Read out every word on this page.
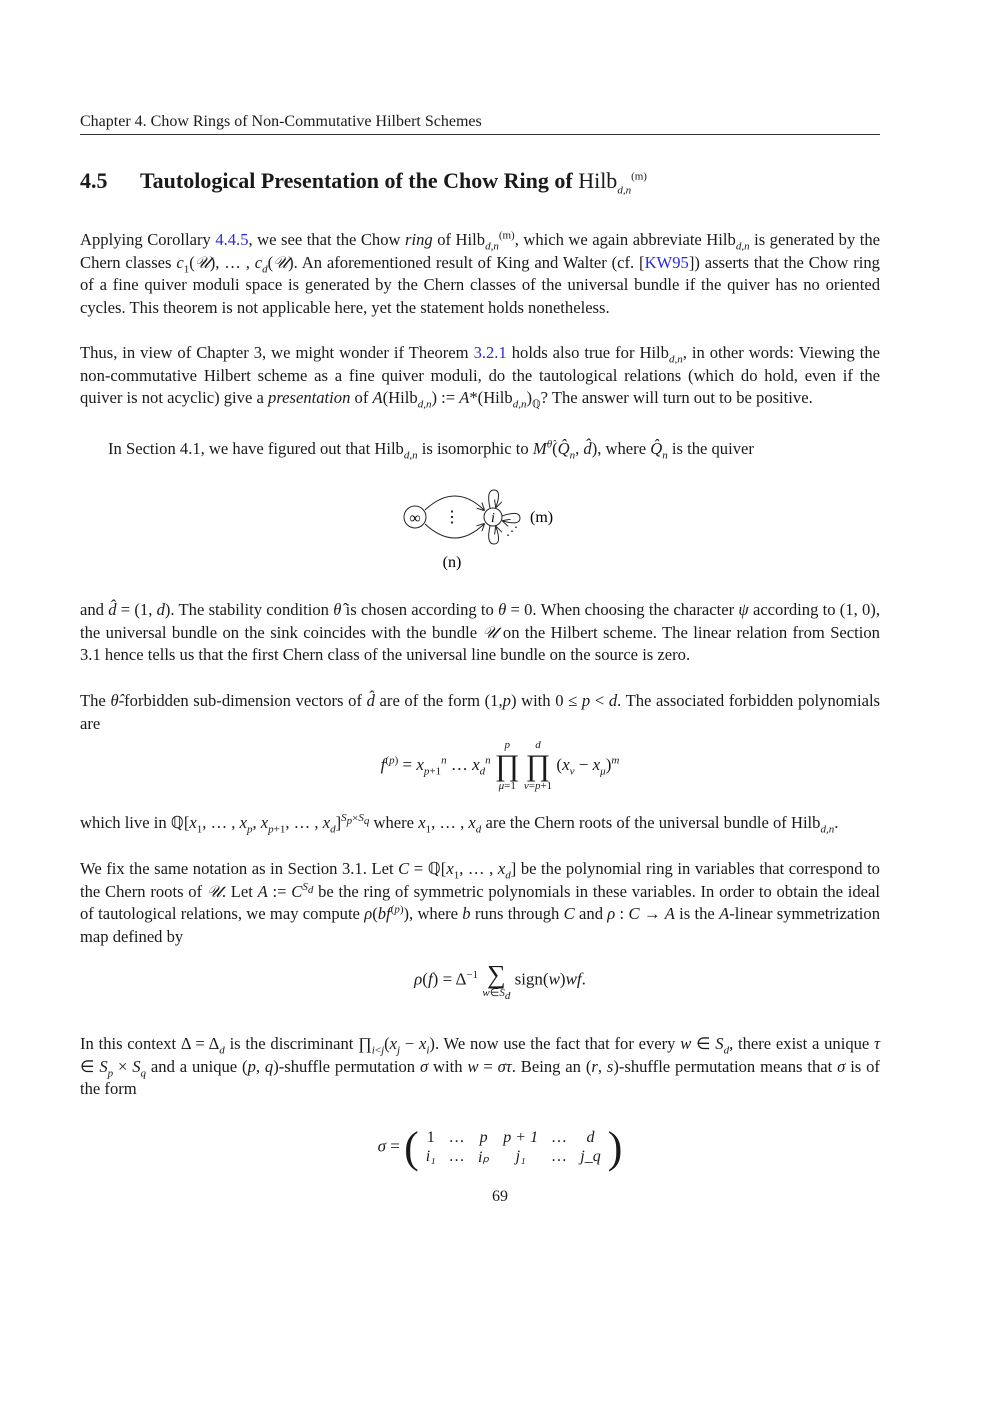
Chapter 4. Chow Rings of Non-Commutative Hilbert Schemes
4.5 Tautological Presentation of the Chow Ring of Hilb$_{d,n}^{(m)}$
Applying Corollary 4.4.5, we see that the Chow ring of Hilb$_{d,n}^{(m)}$, which we again abbreviate Hilb$_{d,n}$ is generated by the Chern classes $c_1(𝒰)$, … , $c_d(𝒰)$. An aforementioned result of King and Walter (cf. [KW95]) asserts that the Chow ring of a fine quiver moduli space is generated by the Chern classes of the universal bundle if the quiver has no oriented cycles. This theorem is not applicable here, yet the statement holds nonetheless.
Thus, in view of Chapter 3, we might wonder if Theorem 3.2.1 holds also true for Hilb$_{d,n}$, in other words: Viewing the non-commutative Hilbert scheme as a fine quiver moduli, do the tautological relations (which do hold, even if the quiver is not acyclic) give a presentation of A(Hilb$_{d,n}$) := $A*(Hilb_{d,n})_ℚ$? The answer will turn out to be positive.
In Section 4.1, we have figured out that Hilb$_{d,n}$ is isomorphic to $M^{\thetâ}(Q̂_n$, d̂), where $Q̂_n$ is the quiver
∞	i
⋮
⋰
(m)
(n)
and d̂ = (1, d). The stability condition θ̂ is chosen according to θ = 0. When choosing the character ψ according to (1, 0), the universal bundle on the sink coincides with the bundle 𝒰 on the Hilbert scheme. The linear relation from Section 3.1 hence tells us that the first Chern class of the universal line bundle on the source is zero.
The θ̂-forbidden sub-dimension vectors of d̂ are of the form (1,p) with 0 ≤ p < d. The associated forbidden polynomials are
$f^{(p)} = x_{p+1}^n$ … $x_d^n$
p
∏
μ=1

d
∏
ν=p+1
$(x_\nu - x_\mu)^m$
which live in $ℚ[x_1$, … , $x_p$, $x_{p+1}$, … , $x_d]^{S_p\times S_q}$ where $x_1$, … , $x_d$ are the Chern roots of the universal bundle of Hilb$_{d,n}$.
We fix the same notation as in Section 3.1. Let $C = ℚ[x_1$, … , $x_d$] be the polynomial ring in variables that correspond to the Chern roots of 𝒰. Let A := $C^{S_d}$ be the ring of symmetric polynomials in these variables. In order to obtain the ideal of tautological relations, we may compute $\rho(bf^{(p)})$, where b runs through C and ρ : C → A is the A-linear symmetrization map defined by
$\rho(f) = \Delta^{-1}$ ∑
$w\in S_d$
sign(w)wf.
In this context $\Delta = \Delta_d$ is the discriminant $\prod_{i<j}(x_j - x_i)$. We now use the fact that for every w ∈ $S_d$, there exist a unique τ ∈ $S_p \times S_q$ and a unique (p, q)-shuffle permutation σ with w = στ. Being an (r, s)-shuffle permutation means that σ is of the form
σ = ( 1	…	p	p + 1	…	d
i₁	…	iₚ	j₁	…	j_q )
69
